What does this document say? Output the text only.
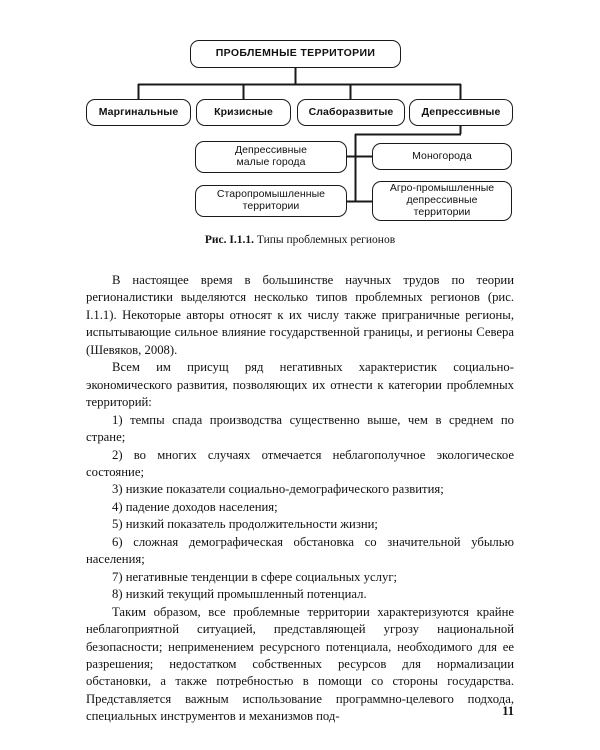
ПРОБЛЕМНЫЕ ТЕРРИТОРИИ
Маргинальные	Кризисные	Слаборазвитые	Депрессивные
Депрессивные
малые города
Моногорода
Старопромышленные
территории
Агро-промышленные
депрессивные
территории
Рис. I.1.1. Типы проблемных регионов

В настоящее время в большинстве научных трудов по теории регионалистики выделяются несколько типов проблемных регионов (рис. I.1.1). Некоторые авторы относят к их числу также приграничные регионы, испытывающие сильное влияние государственной границы, и регионы Севера (Шевяков, 2008).

Всем им присущ ряд негативных характеристик социально-экономического развития, позволяющих их отнести к категории проблемных территорий:

1) темпы спада производства существенно выше, чем в среднем по стране;

2) во многих случаях отмечается неблагополучное экологическое состояние;

3) низкие показатели социально-демографического развития;

4) падение доходов населения;

5) низкий показатель продолжительности жизни;

6) сложная демографическая обстановка со значительной убылью населения;

7) негативные тенденции в сфере социальных услуг;

8) низкий текущий промышленный потенциал.

Таким образом, все проблемные территории характеризуются крайне неблагоприятной ситуацией, представляющей угрозу национальной безопасности; неприменением ресурсного потенциала, необходимого для ее разрешения; недостатком собственных ресурсов для нормализации обстановки, а также потребностью в помощи со стороны государства. Представляется важным использование программно-целевого подхода, специальных инструментов и механизмов под-	11
